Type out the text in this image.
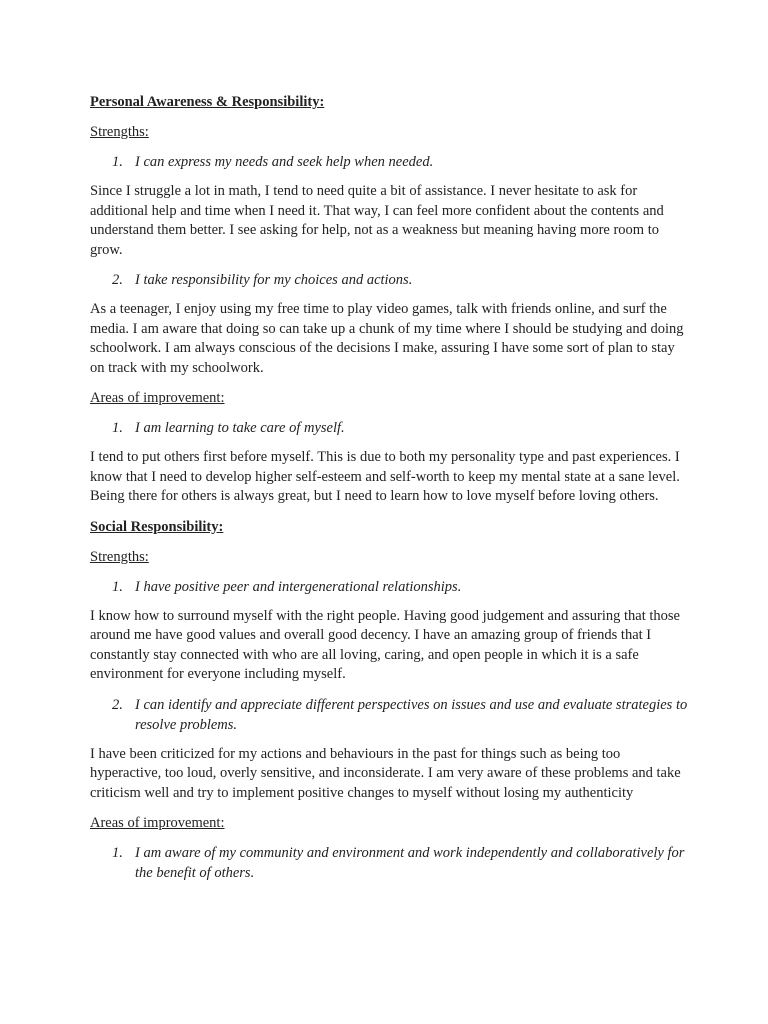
Personal Awareness & Responsibility:
Strengths:
1. I can express my needs and seek help when needed.
Since I struggle a lot in math, I tend to need quite a bit of assistance. I never hesitate to ask for additional help and time when I need it. That way, I can feel more confident about the contents and understand them better. I see asking for help, not as a weakness but meaning having more room to grow.
2. I take responsibility for my choices and actions.
As a teenager, I enjoy using my free time to play video games, talk with friends online, and surf the media. I am aware that doing so can take up a chunk of my time where I should be studying and doing schoolwork. I am always conscious of the decisions I make, assuring I have some sort of plan to stay on track with my schoolwork.
Areas of improvement:
1. I am learning to take care of myself.
I tend to put others first before myself. This is due to both my personality type and past experiences. I know that I need to develop higher self-esteem and self-worth to keep my mental state at a sane level. Being there for others is always great, but I need to learn how to love myself before loving others.
Social Responsibility:
Strengths:
1. I have positive peer and intergenerational relationships.
I know how to surround myself with the right people. Having good judgement and assuring that those around me have good values and overall good decency. I have an amazing group of friends that I constantly stay connected with who are all loving, caring, and open people in which it is a safe environment for everyone including myself.
2. I can identify and appreciate different perspectives on issues and use and evaluate strategies to resolve problems.
I have been criticized for my actions and behaviours in the past for things such as being too hyperactive, too loud, overly sensitive, and inconsiderate. I am very aware of these problems and take criticism well and try to implement positive changes to myself without losing my authenticity
Areas of improvement:
1. I am aware of my community and environment and work independently and collaboratively for the benefit of others.
